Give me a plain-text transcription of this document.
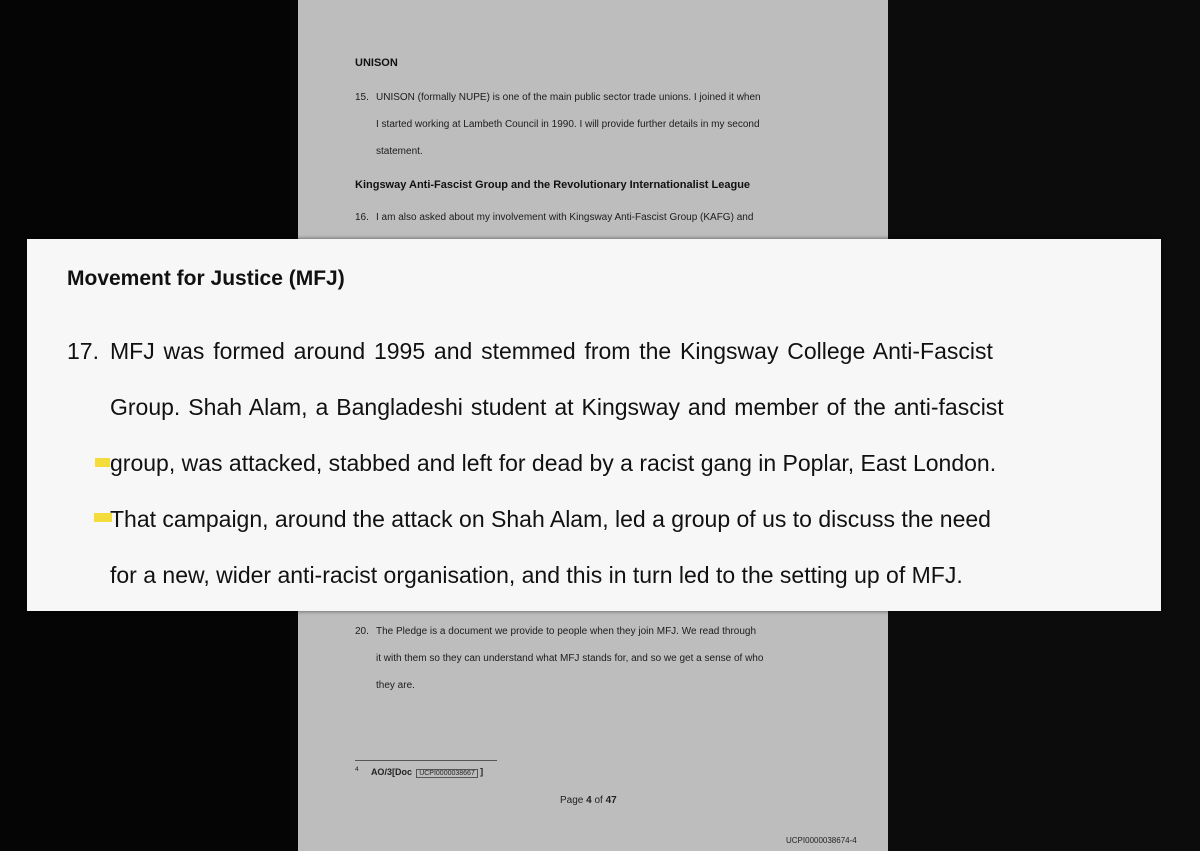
UNISON
15. UNISON (formally NUPE) is one of the main public sector trade unions. I joined it when
I started working at Lambeth Council in 1990. I will provide further details in my second
statement.
Kingsway Anti-Fascist Group and the Revolutionary Internationalist League
16. I am also asked about my involvement with Kingsway Anti-Fascist Group (KAFG) and
20. The Pledge is a document we provide to people when they join MFJ. We read through
it with them so they can understand what MFJ stands for, and so we get a sense of who
they are.
$^4$ AO/3[Doc UCPI0000038667 ]
Page 4 of 47
UCPI0000038674-4
Movement for Justice (MFJ)
17. MFJ was formed around 1995 and stemmed from the Kingsway College Anti-Fascist
Group. Shah Alam, a Bangladeshi student at Kingsway and member of the anti-fascist
group, was attacked, stabbed and left for dead by a racist gang in Poplar, East London.
That campaign, around the attack on Shah Alam, led a group of us to discuss the need
for a new, wider anti-racist organisation, and this in turn led to the setting up of MFJ.
